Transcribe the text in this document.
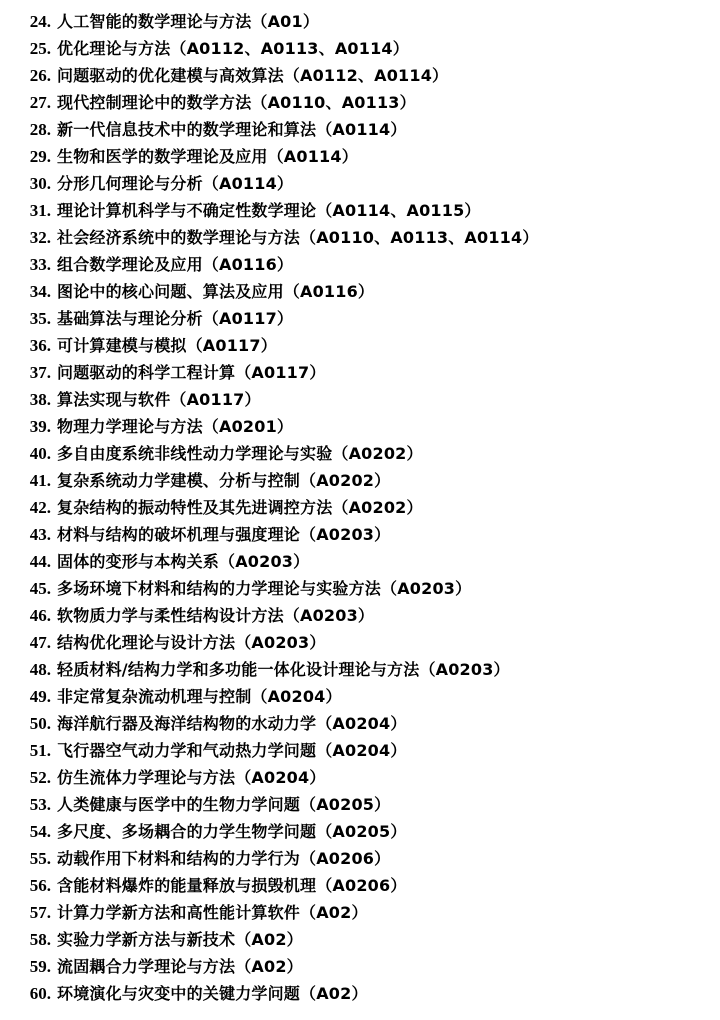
24. 人工智能的数学理论与方法（A01）
25. 优化理论与方法（A0112、A0113、A0114）
26. 问题驱动的优化建模与高效算法（A0112、A0114）
27. 现代控制理论中的数学方法（A0110、A0113）
28. 新一代信息技术中的数学理论和算法（A0114）
29. 生物和医学的数学理论及应用（A0114）
30. 分形几何理论与分析（A0114）
31. 理论计算机科学与不确定性数学理论（A0114、A0115）
32. 社会经济系统中的数学理论与方法（A0110、A0113、A0114）
33. 组合数学理论及应用（A0116）
34. 图论中的核心问题、算法及应用（A0116）
35. 基础算法与理论分析（A0117）
36. 可计算建模与模拟（A0117）
37. 问题驱动的科学工程计算（A0117）
38. 算法实现与软件（A0117）
39. 物理力学理论与方法（A0201）
40. 多自由度系统非线性动力学理论与实验（A0202）
41. 复杂系统动力学建模、分析与控制（A0202）
42. 复杂结构的振动特性及其先进调控方法（A0202）
43. 材料与结构的破坏机理与强度理论（A0203）
44. 固体的变形与本构关系（A0203）
45. 多场环境下材料和结构的力学理论与实验方法（A0203）
46. 软物质力学与柔性结构设计方法（A0203）
47. 结构优化理论与设计方法（A0203）
48. 轻质材料/结构力学和多功能一体化设计理论与方法（A0203）
49. 非定常复杂流动机理与控制（A0204）
50. 海洋航行器及海洋结构物的水动力学（A0204）
51. 飞行器空气动力学和气动热力学问题（A0204）
52. 仿生流体力学理论与方法（A0204）
53. 人类健康与医学中的生物力学问题（A0205）
54. 多尺度、多场耦合的力学生物学问题（A0205）
55. 动载作用下材料和结构的力学行为（A0206）
56. 含能材料爆炸的能量释放与损毁机理（A0206）
57. 计算力学新方法和高性能计算软件（A02）
58. 实验力学新方法与新技术（A02）
59. 流固耦合力学理论与方法（A02）
60. 环境演化与灾变中的关键力学问题（A02）
